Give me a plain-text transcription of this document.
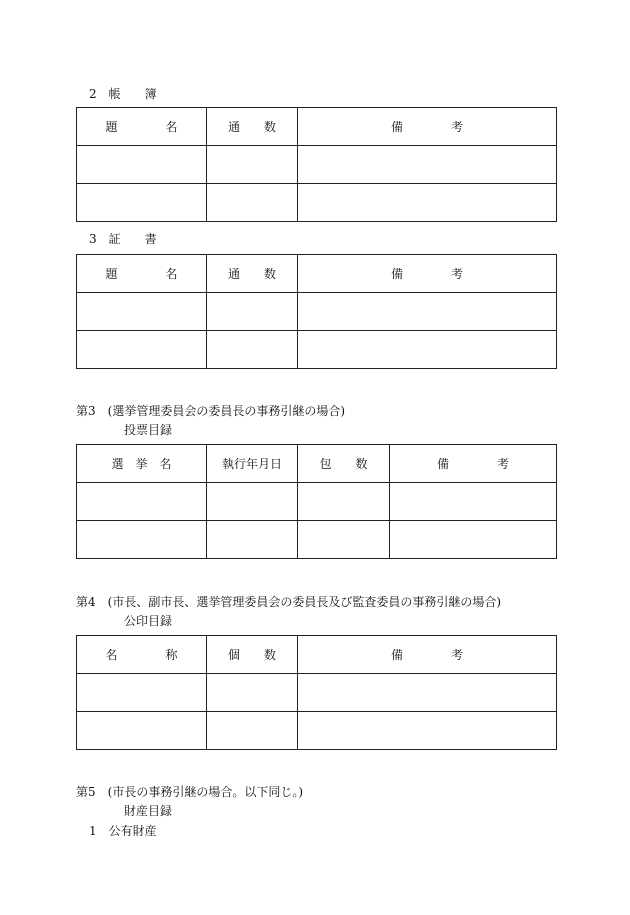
2　帳　　簿
題　　　　名	通　　数	備　　　　考

3　証　　書
題　　　　名	通　　数	備　　　　考

第3　(選挙管理委員会の委員長の事務引継の場合)
投票目録
選　挙　名	執行年月日	包　　数	備　　　　考

第4　(市長、副市長、選挙管理委員会の委員長及び監査委員の事務引継の場合)
公印目録
名　　　　称	個　　数	備　　　　考

第5　(市長の事務引継の場合。以下同じ。)
財産目録
1　公有財産
